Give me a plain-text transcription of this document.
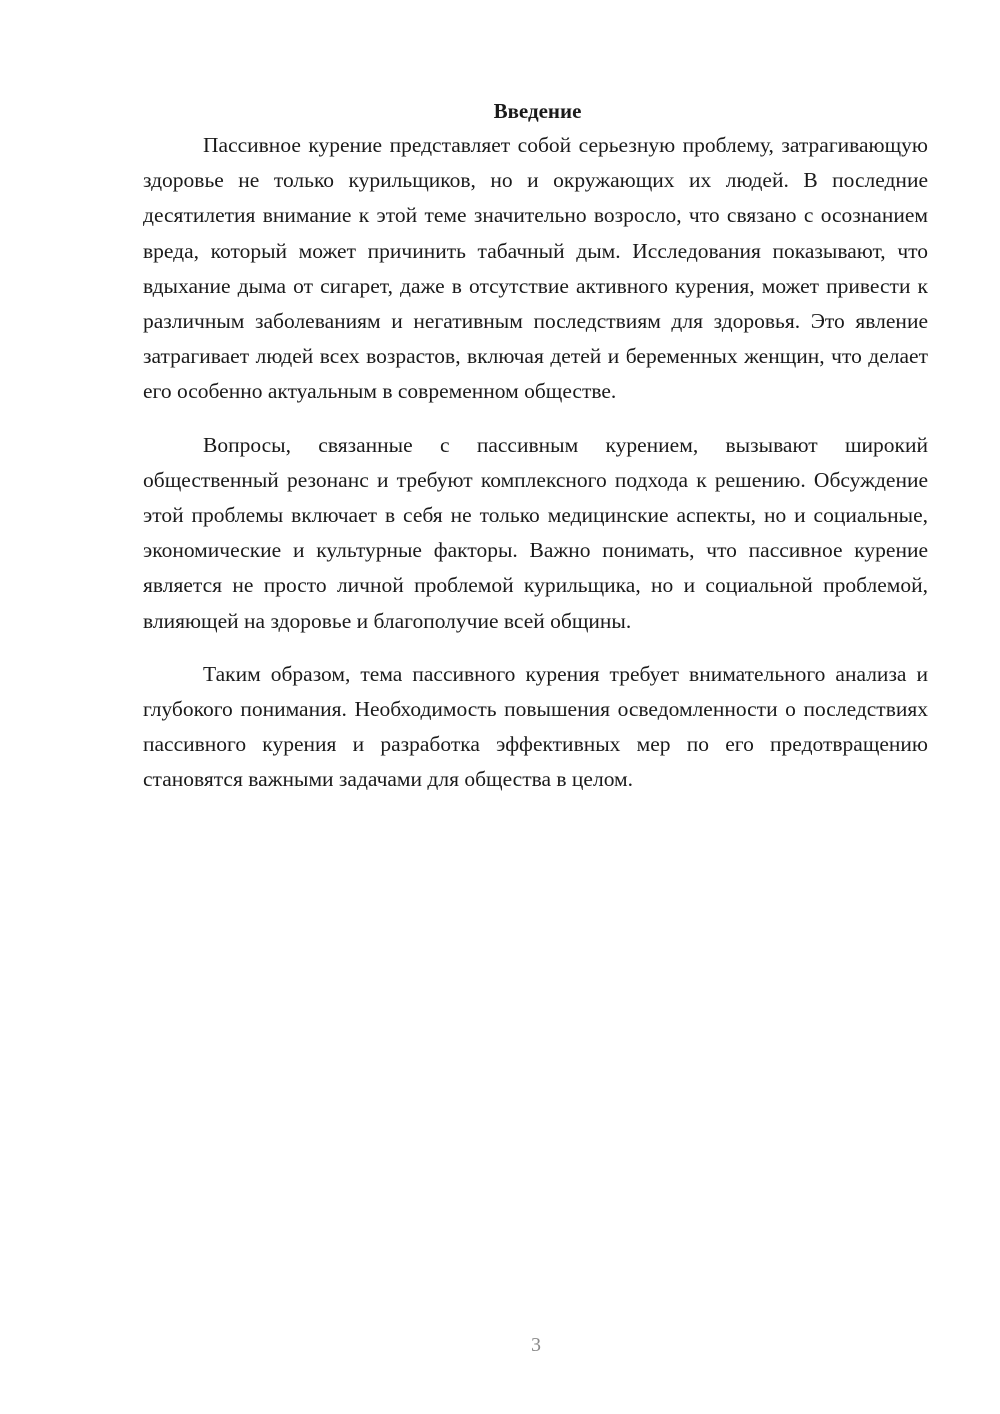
Введение

Пассивное курение представляет собой серьезную проблему, затрагивающую здоровье не только курильщиков, но и окружающих их людей. В последние десятилетия внимание к этой теме значительно возросло, что связано с осознанием вреда, который может причинить табачный дым. Исследования показывают, что вдыхание дыма от сигарет, даже в отсутствие активного курения, может привести к различным заболеваниям и негативным последствиям для здоровья. Это явление затрагивает людей всех возрастов, включая детей и беременных женщин, что делает его особенно актуальным в современном обществе.

Вопросы, связанные с пассивным курением, вызывают широкий общественный резонанс и требуют комплексного подхода к решению. Обсуждение этой проблемы включает в себя не только медицинские аспекты, но и социальные, экономические и культурные факторы. Важно понимать, что пассивное курение является не просто личной проблемой курильщика, но и социальной проблемой, влияющей на здоровье и благополучие всей общины.

Таким образом, тема пассивного курения требует внимательного анализа и глубокого понимания. Необходимость повышения осведомленности о последствиях пассивного курения и разработка эффективных мер по его предотвращению становятся важными задачами для общества в целом.

3
